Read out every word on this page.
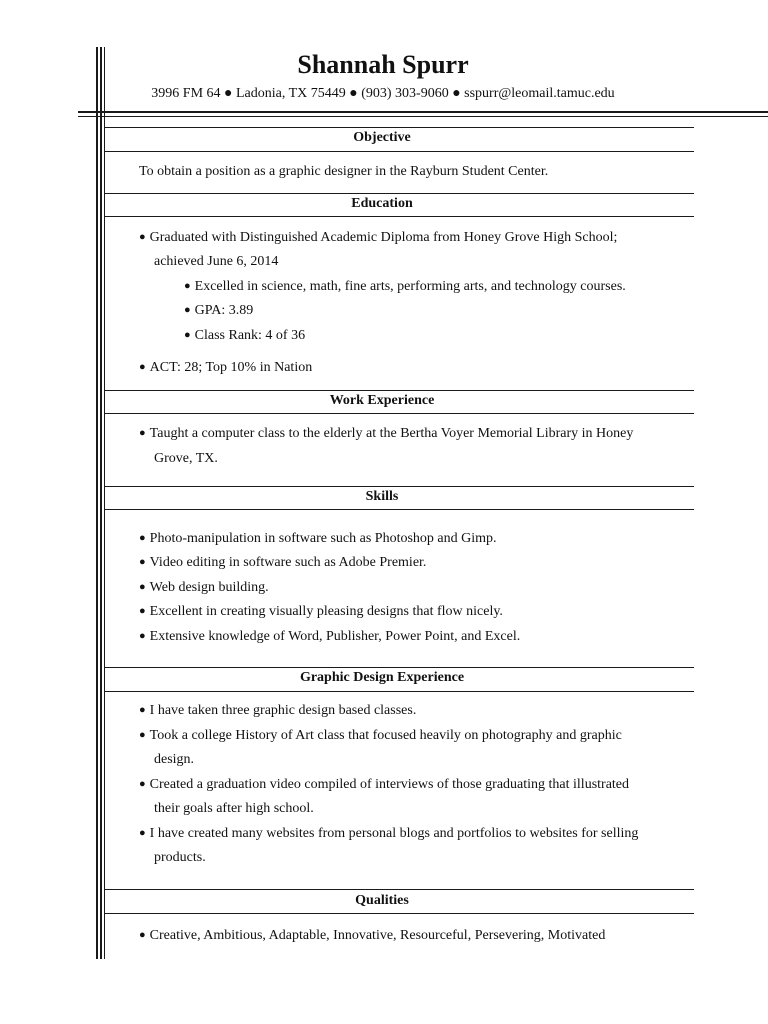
Shannah Spurr
3996 FM 64 ● Ladonia, TX 75449 ● (903) 303-9060 ● sspurr@leomail.tamuc.edu
Objective
To obtain a position as a graphic designer in the Rayburn Student Center.
Education
● Graduated with Distinguished Academic Diploma from Honey Grove High School;
achieved June 6, 2014
● Excelled in science, math, fine arts, performing arts, and technology courses.
● GPA: 3.89
● Class Rank: 4 of 36
● ACT: 28; Top 10% in Nation
Work Experience
● Taught a computer class to the elderly at the Bertha Voyer Memorial Library in Honey
Grove, TX.
Skills
● Photo-manipulation in software such as Photoshop and Gimp.
● Video editing in software such as Adobe Premier.
● Web design building.
● Excellent in creating visually pleasing designs that flow nicely.
● Extensive knowledge of Word, Publisher, Power Point, and Excel.
Graphic Design Experience
● I have taken three graphic design based classes.
● Took a college History of Art class that focused heavily on photography and graphic
design.
● Created a graduation video compiled of interviews of those graduating that illustrated
their goals after high school.
● I have created many websites from personal blogs and portfolios to websites for selling
products.
Qualities
● Creative, Ambitious, Adaptable, Innovative, Resourceful, Persevering, Motivated
